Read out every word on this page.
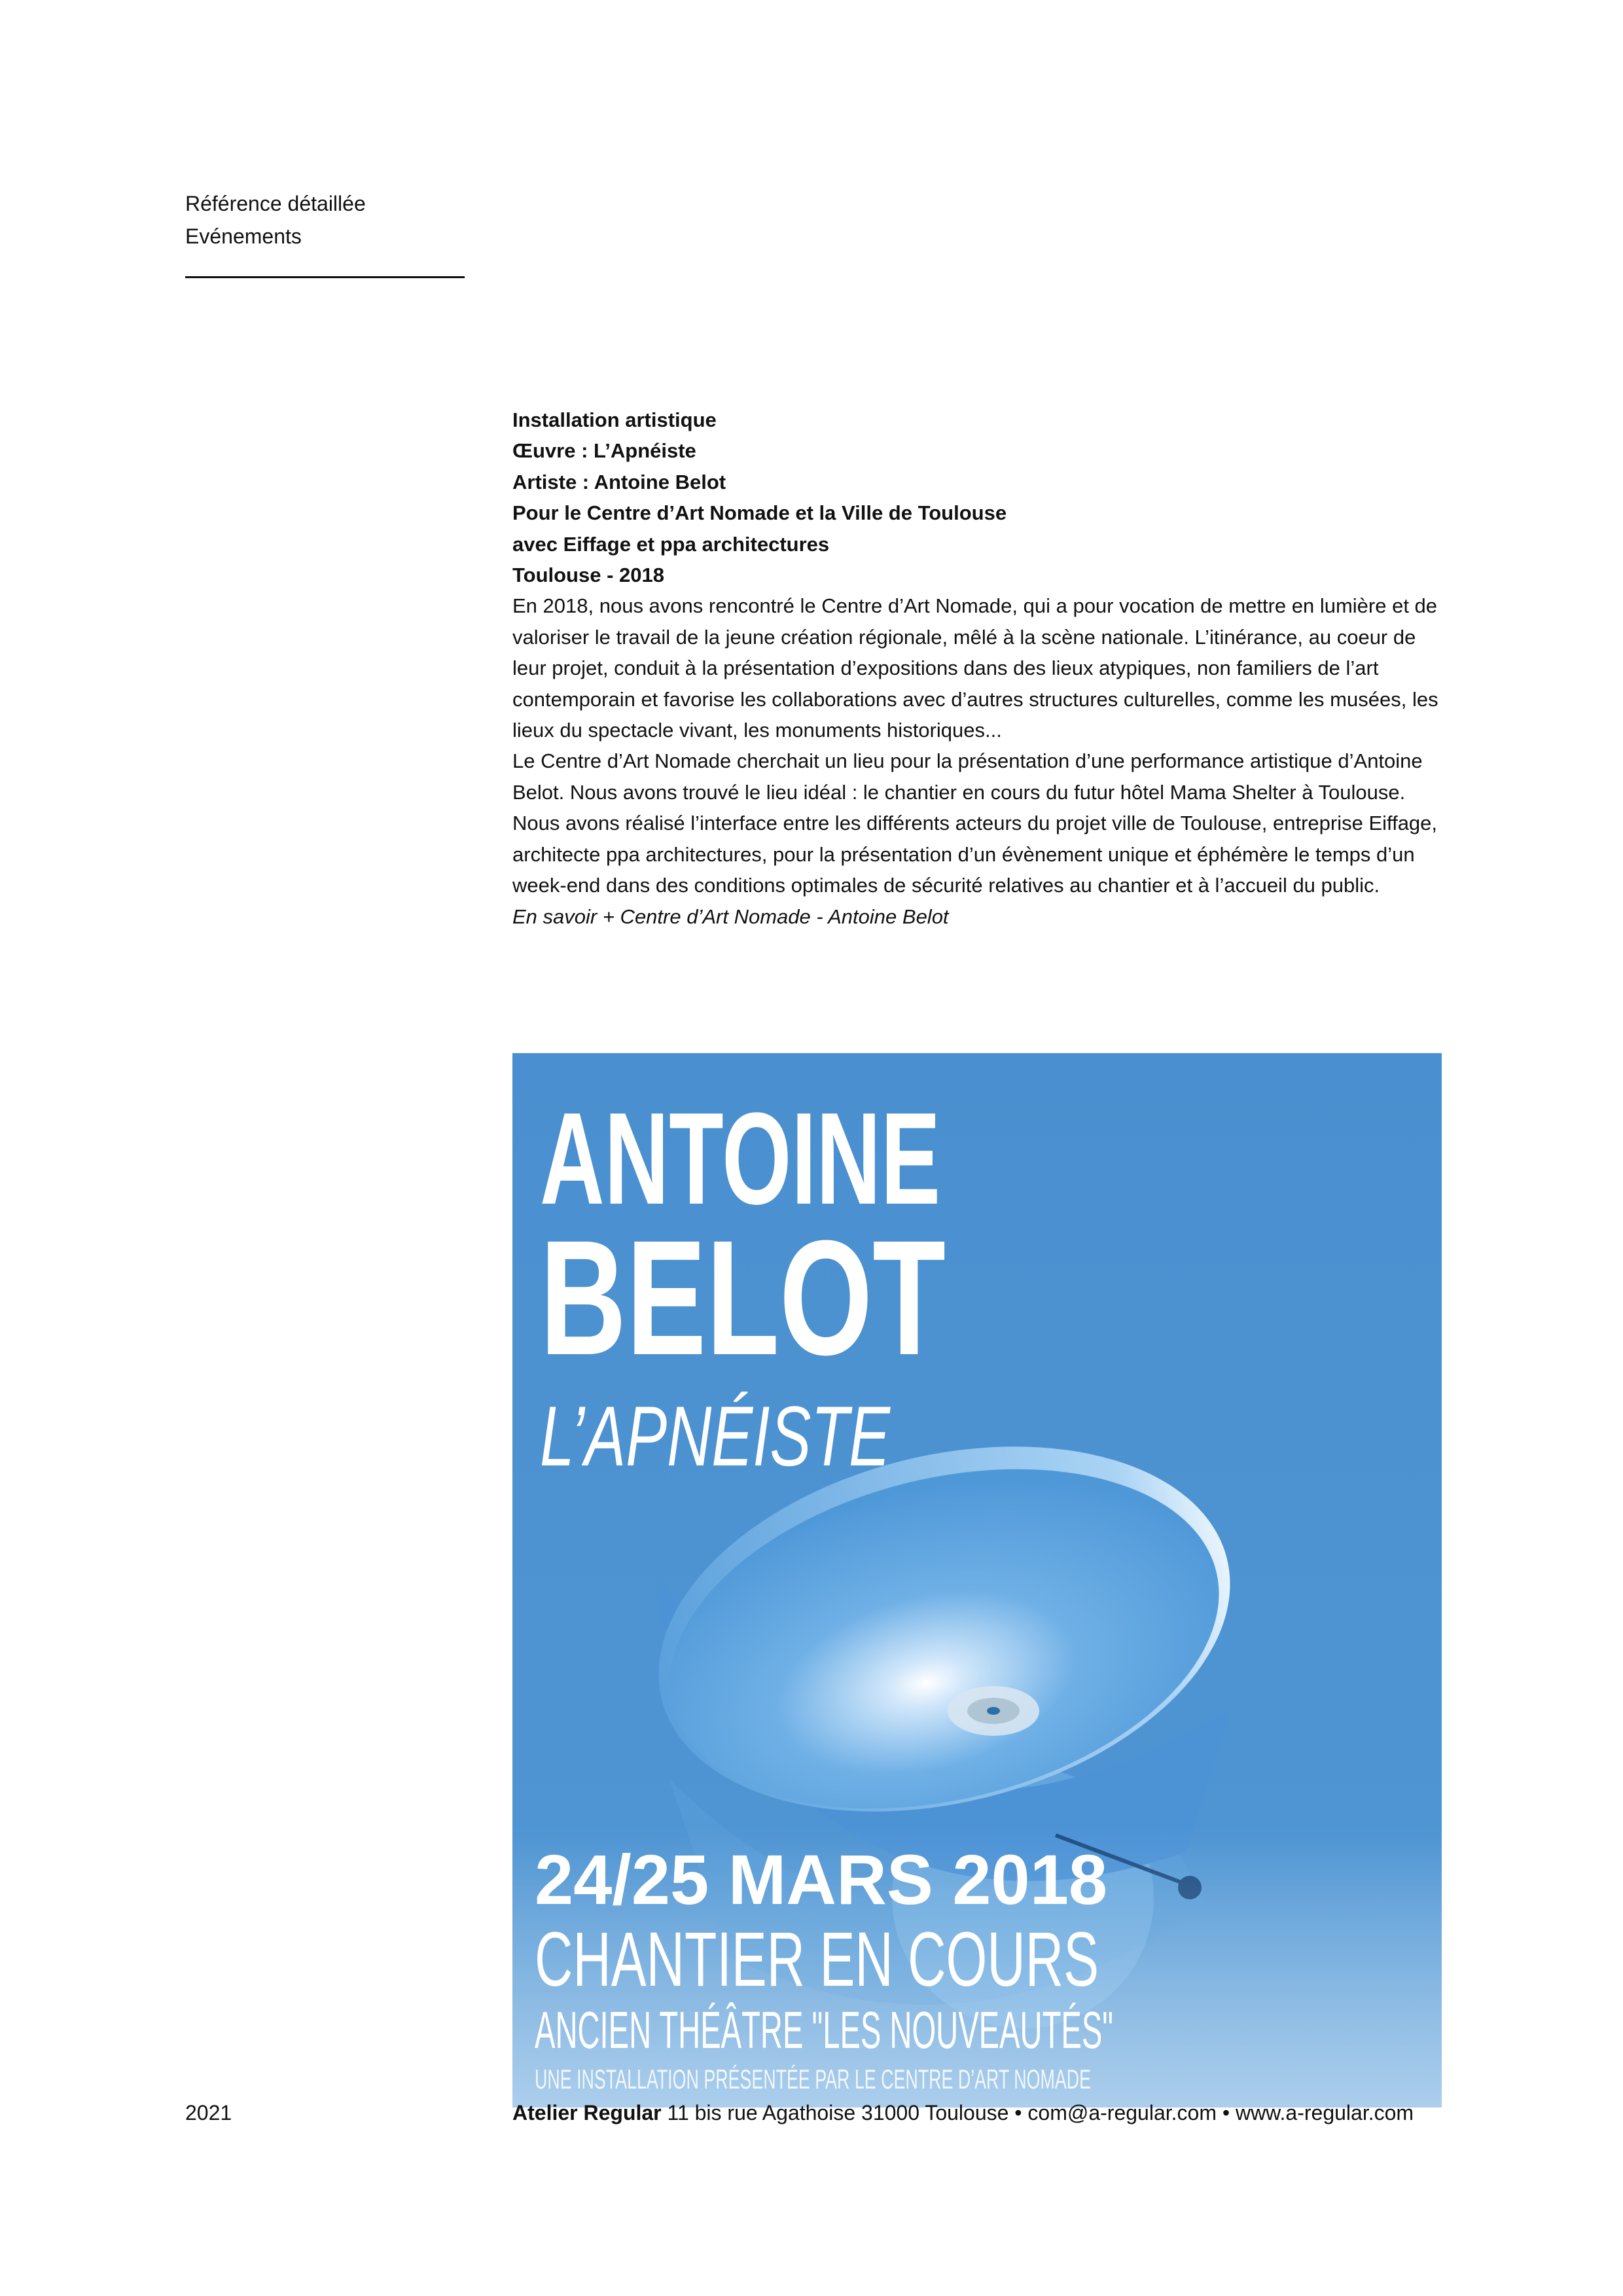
Référence détaillée
Evénements
Installation artistique
Œuvre : L’Apnéiste
Artiste : Antoine Belot
Pour le Centre d’Art Nomade et la Ville de Toulouse
avec Eiffage et ppa architectures
Toulouse - 2018

En 2018, nous avons rencontré le Centre d’Art Nomade, qui a pour vocation de mettre en lumière et de valoriser le travail de la jeune création régionale, mêlé à la scène nationale. L’itinérance, au coeur de leur projet, conduit à la présentation d’expositions dans des lieux atypiques, non familiers de l’art contemporain et favorise les collaborations avec d’autres structures culturelles, comme les musées, les lieux du spectacle vivant, les monuments historiques...

Le Centre d’Art Nomade cherchait un lieu pour la présentation d’une performance artistique d’Antoine Belot. Nous avons trouvé le lieu idéal : le chantier en cours du futur hôtel Mama Shelter à Toulouse. Nous avons réalisé l’interface entre les différents acteurs du projet ville de Toulouse, entreprise Eiffage, architecte ppa architectures, pour la présentation d’un évènement unique et éphémère le temps d’un week-end dans des conditions optimales de sécurité relatives au chantier et à l’accueil du public.

En savoir + Centre d’Art Nomade - Antoine Belot
ANTOINE
BELOT
L’APNÉISTE
24/25 MARS 2018
CHANTIER EN COURS
ANCIEN THÉÂTRE "LES NOUVEAUTÉS"
UNE INSTALLATION PRÉSENTÉE PAR LE CENTRE D’ART NOMADE
2021	Atelier Regular 11 bis rue Agathoise 31000 Toulouse • com@a-regular.com • www.a-regular.com
